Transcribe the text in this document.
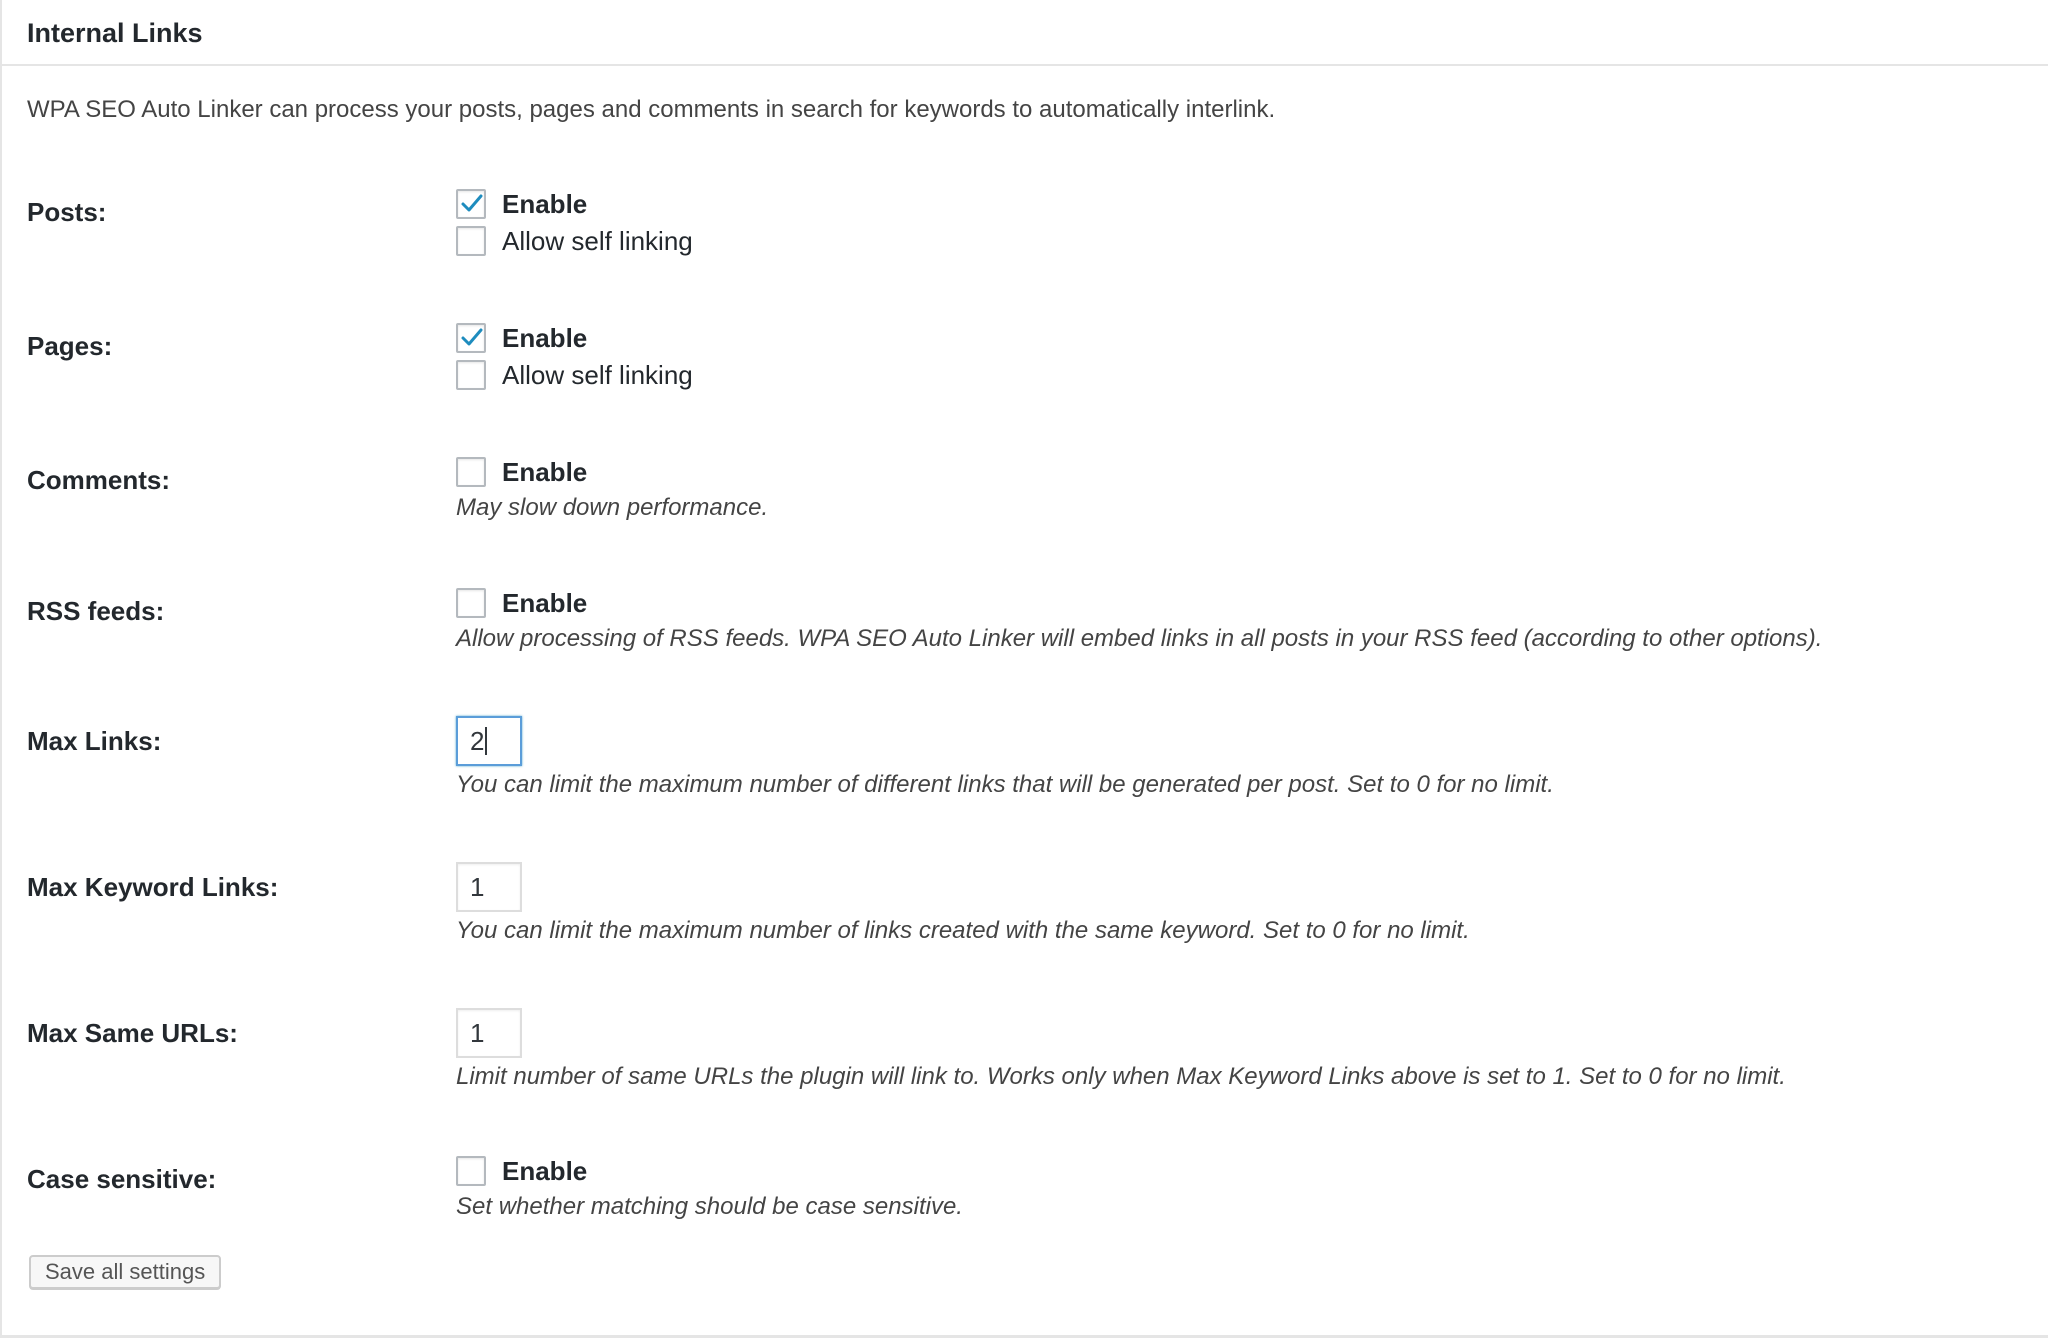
Internal Links

WPA SEO Auto Linker can process your posts, pages and comments in search for keywords to automatically interlink.

Posts:	Enable
Allow self linking
Pages:	Enable
Allow self linking
Comments:	Enable
May slow down performance.
RSS feeds:	Enable
Allow processing of RSS feeds. WPA SEO Auto Linker will embed links in all posts in your RSS feed (according to other options).
Max Links:	2
You can limit the maximum number of different links that will be generated per post. Set to 0 for no limit.
Max Keyword Links:	1
You can limit the maximum number of links created with the same keyword. Set to 0 for no limit.
Max Same URLs:	1
Limit number of same URLs the plugin will link to. Works only when Max Keyword Links above is set to 1. Set to 0 for no limit.
Case sensitive:	Enable
Set whether matching should be case sensitive.
Save all settings
